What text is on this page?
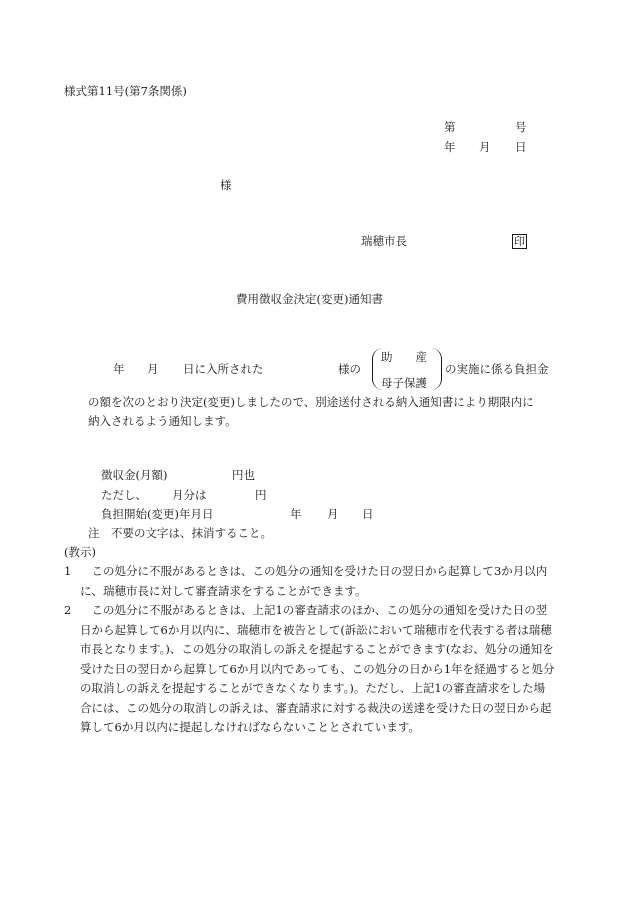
様式第11号(第7条関係)
第	号
年 月 日
様
瑞穂市長	印
費用徴収金決定(変更)通知書
年 月 日に入所された	様の
助　　産
母子保護
の実施に係る負担金
の額を次のとおり決定(変更)しましたので、別途送付される納入通知書により期限内に
納入されるよう通知します。
徴収金(月額)	円也
ただし、 月分は	円
負担開始(変更)年月日	年 月 日
注　不要の文字は、抹消すること。
(教示)
1	この処分に不服があるときは、この処分の通知を受けた日の翌日から起算して3か月以内に、瑞穂市長に対して審査請求をすることができます。
2	この処分に不服があるときは、上記1の審査請求のほか、この処分の通知を受けた日の翌日から起算して6か月以内に、瑞穂市を被告として(訴訟において瑞穂市を代表する者は瑞穂市長となります。)、この処分の取消しの訴えを提起することができます(なお、処分の通知を受けた日の翌日から起算して6か月以内であっても、この処分の日から1年を経過すると処分の取消しの訴えを提起することができなくなります。)。ただし、上記1の審査請求をした場合には、この処分の取消しの訴えは、審査請求に対する裁決の送達を受けた日の翌日から起算して6か月以内に提起しなければならないこととされています。
